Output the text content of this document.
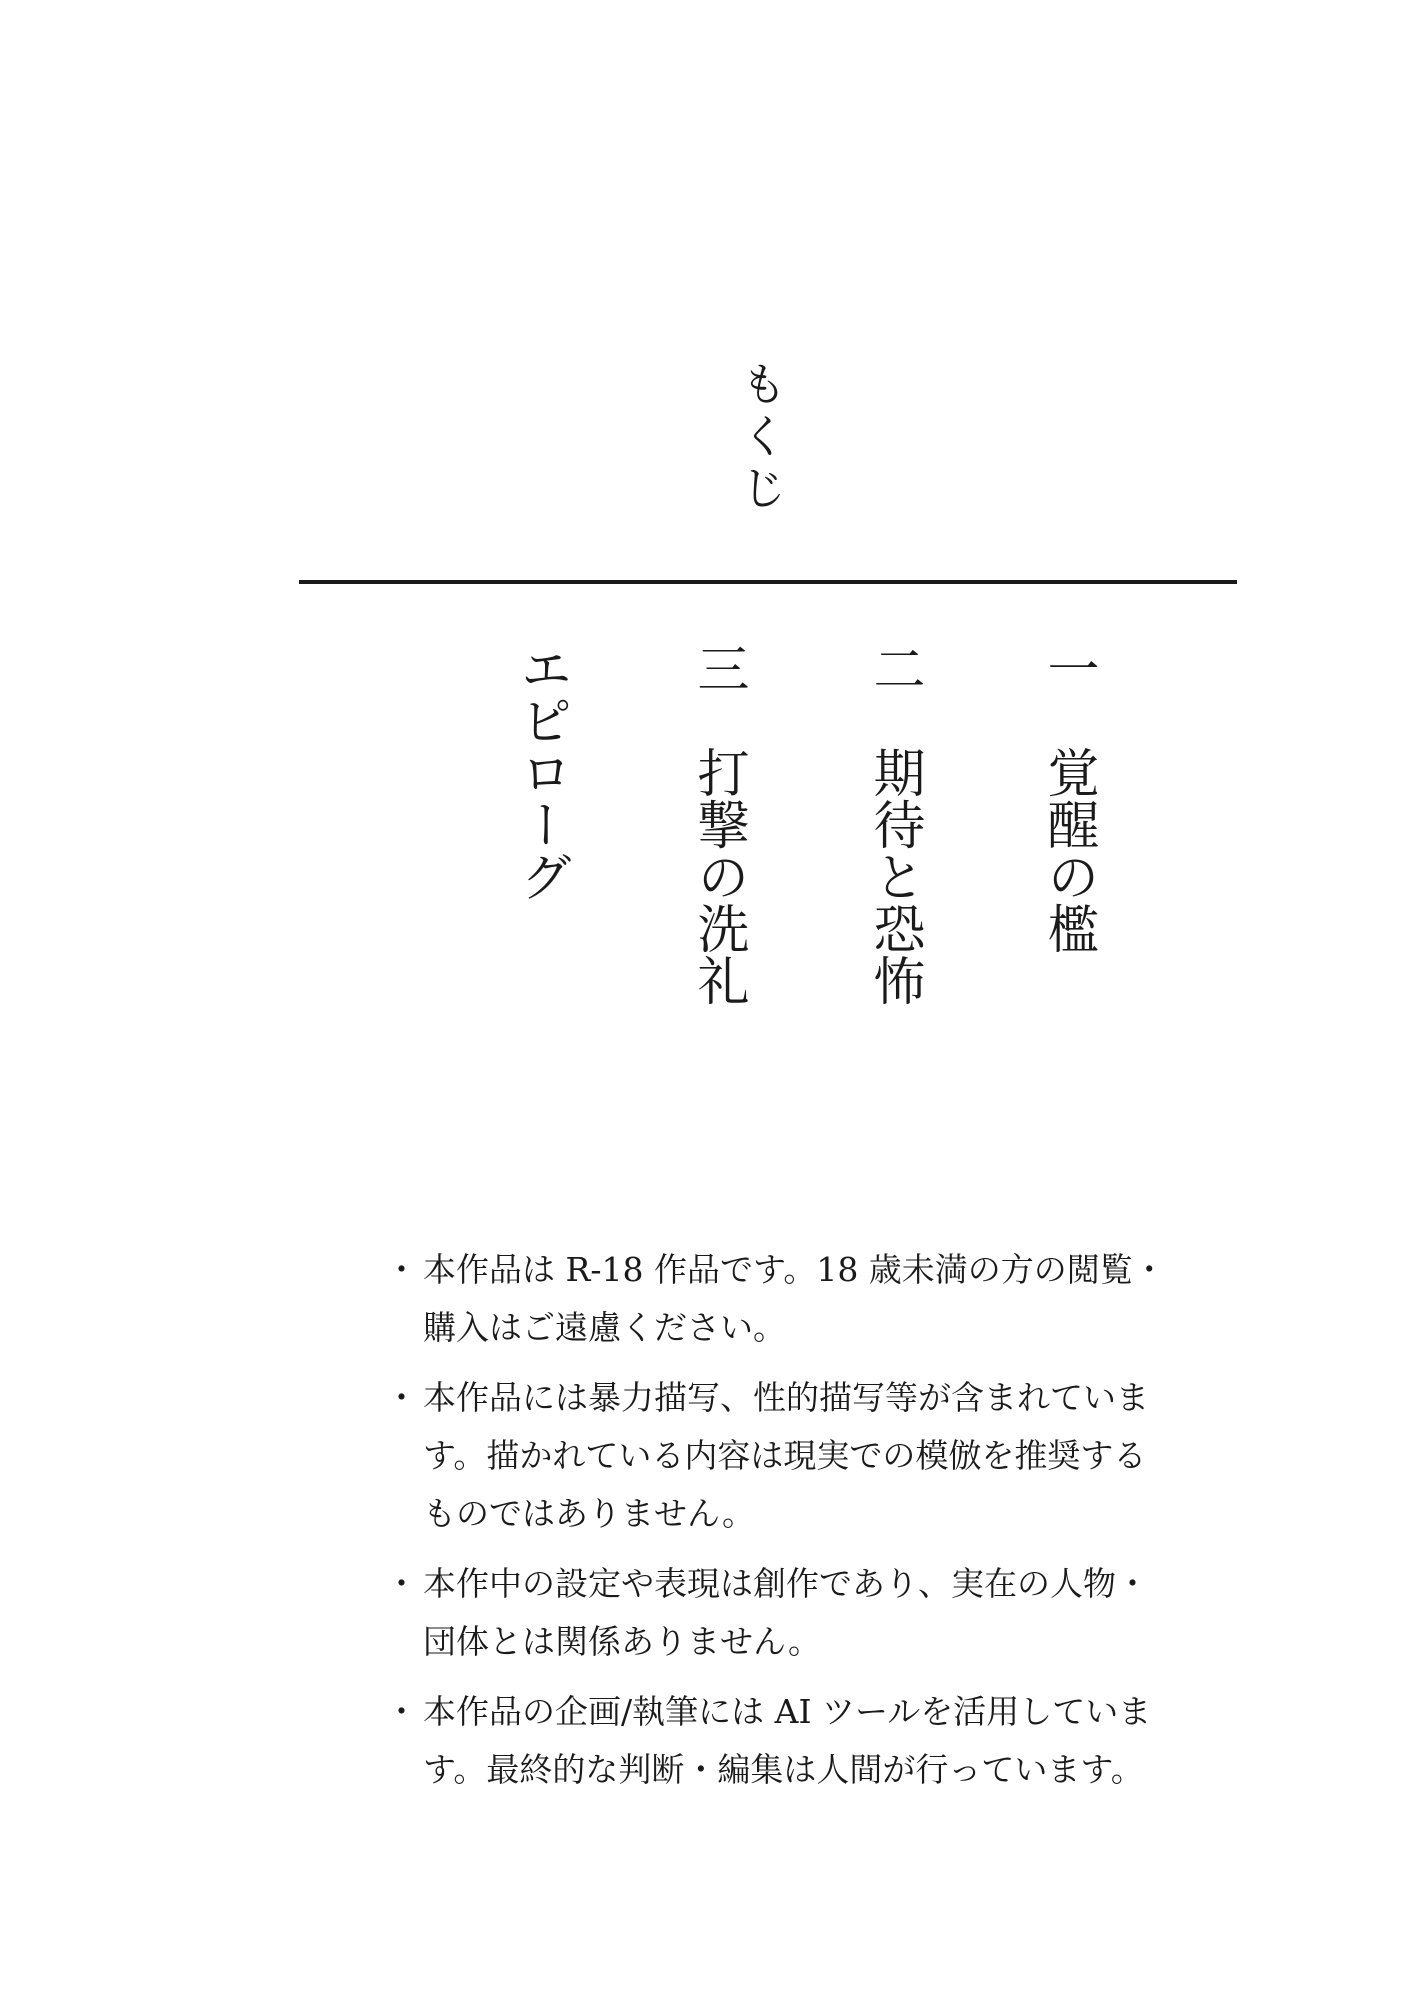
もくじ
一覚醒の檻
二期待と恐怖
三打撃の洗礼
エピローグ
・ 本作品は R-18 作品です。18 歳未満の方の閲覧・
購入はご遠慮ください。
・ 本作品には暴力描写、性的描写等が含まれていま
す。描かれている内容は現実での模倣を推奨する
ものではありません。
・ 本作中の設定や表現は創作であり、実在の人物・
団体とは関係ありません。
・ 本作品の企画/執筆には AI ツールを活用していま
す。最終的な判断・編集は人間が行っています。
